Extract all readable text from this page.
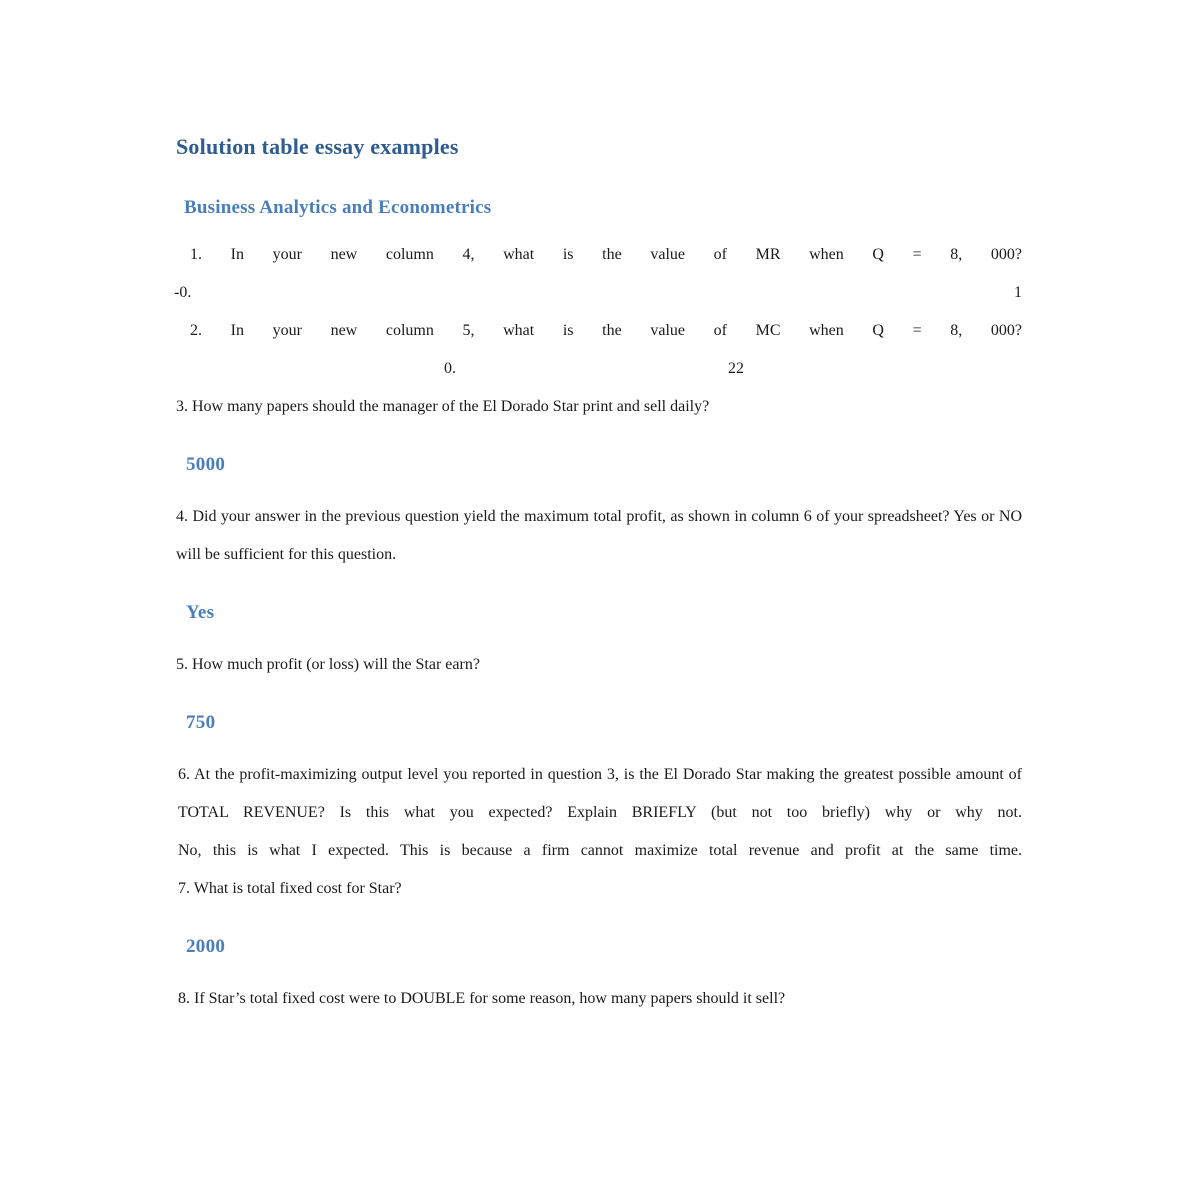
Solution table essay examples
Business Analytics and Econometrics

1. In your new column 4, what is the value of MR when Q = 8, 000?

-0.	1

2. In your new column 5, what is the value of MC when Q = 8, 000?

0.	22

3. How many papers should the manager of the El Dorado Star print and sell daily?

5000

4. Did your answer in the previous question yield the maximum total profit, as shown in column 6 of your spreadsheet? Yes or NO will be sufficient for this question.

Yes

5. How much profit (or loss) will the Star earn?

750

6. At the profit-maximizing output level you reported in question 3, is the El Dorado Star making the greatest possible amount of TOTAL REVENUE? Is this what you expected? Explain BRIEFLY (but not too briefly) why or why not.

No, this is what I expected. This is because a firm cannot maximize total revenue and profit at the same time.

7. What is total fixed cost for Star?

2000

8. If Star’s total fixed cost were to DOUBLE for some reason, how many papers should it sell?
